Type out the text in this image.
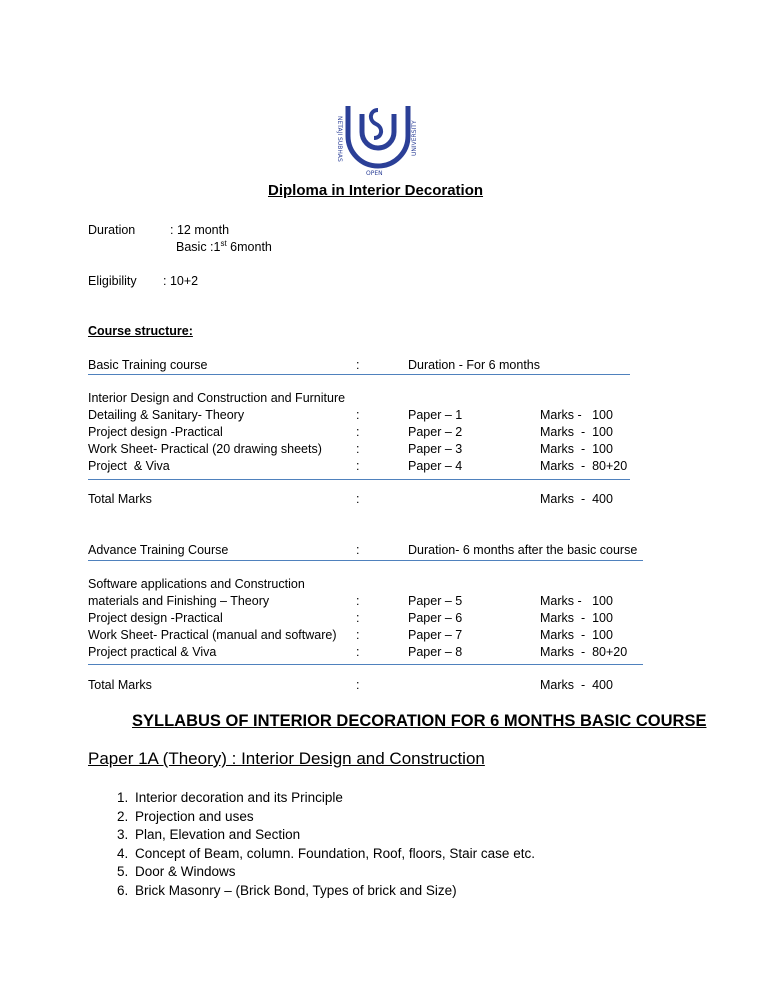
NETAJI SUBHAS	UNIVERSITY
OPEN
Diploma in Interior Decoration
Duration	: 12 month
Basic :1st 6month
Eligibility : 10+2
Course structure:
Basic Training course	:	Duration - For 6 months
Interior Design and Construction and Furniture
Detailing & Sanitary- Theory	:	Paper – 1	Marks -   100
Project design -Practical	:	Paper – 2	Marks  -  100
Work Sheet- Practical (20 drawing sheets)	:	Paper – 3	Marks  -  100
Project  & Viva	:	Paper – 4	Marks  -  80+20
Total Marks	:	Marks  -  400
Advance Training Course	:	Duration- 6 months after the basic course
Software applications and Construction
materials and Finishing – Theory	:	Paper – 5	Marks -   100
Project design -Practical	:	Paper – 6	Marks  -  100
Work Sheet- Practical (manual and software) :	Paper – 7	Marks  -  100
Project practical & Viva	:	Paper – 8	Marks  -  80+20
Total Marks	:	Marks  -  400
SYLLABUS OF INTERIOR DECORATION FOR 6 MONTHS BASIC COURSE
Paper 1A (Theory) : Interior Design and Construction
1. Interior decoration and its Principle
2. Projection and uses
3. Plan, Elevation and Section
4. Concept of Beam, column. Foundation, Roof, floors, Stair case etc.
5. Door & Windows
6. Brick Masonry – (Brick Bond, Types of brick and Size)
